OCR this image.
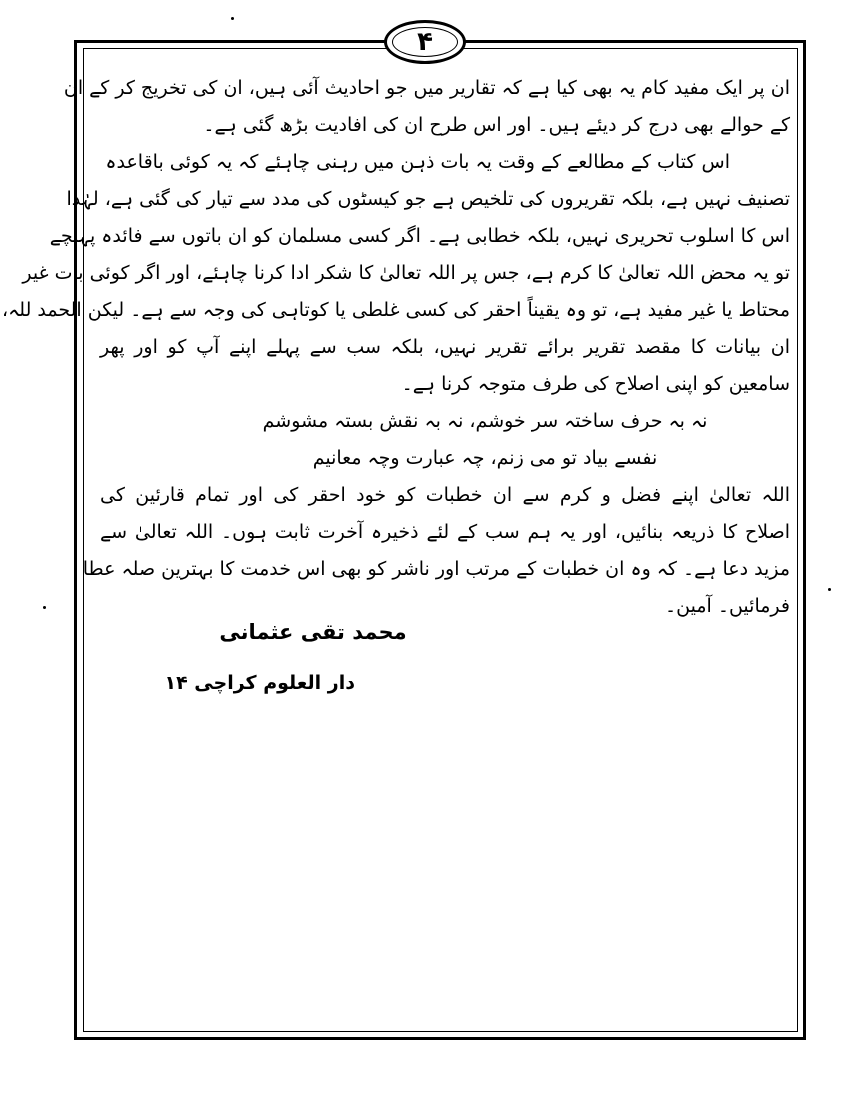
۴
ان پر ایک مفید کام یہ بھی کیا ہے کہ تقاریر میں جو احادیث آئی ہیں، ان کی تخریج کر کے ان
کے حوالے بھی درج کر دیئے ہیں۔ اور اس طرح ان کی افادیت بڑھ گئی ہے۔
اس کتاب کے مطالعے کے وقت یہ بات ذہن میں رہنی چاہئے کہ یہ کوئی باقاعدہ
تصنیف نہیں ہے، بلکہ تقریروں کی تلخیص ہے جو کیسٹوں کی مدد سے تیار کی گئی ہے، لہٰذا
اس کا اسلوب تحریری نہیں، بلکہ خطابی ہے۔ اگر کسی مسلمان کو ان باتوں سے فائدہ پہنچے
تو یہ محض اللہ تعالیٰ کا کرم ہے، جس پر اللہ تعالیٰ کا شکر ادا کرنا چاہئے، اور اگر کوئی بات غیر
محتاط یا غیر مفید ہے، تو وہ یقیناً احقر کی کسی غلطی یا کوتاہی کی وجہ سے ہے۔ لیکن الحمد للہ،
ان بیانات کا مقصد تقریر برائے تقریر نہیں، بلکہ سب سے پہلے اپنے آپ کو اور پھر
سامعین کو اپنی اصلاح کی طرف متوجہ کرنا ہے۔
نہ بہ حرف ساختہ سر خوشم، نہ بہ نقش بستہ مشوشم
نفسے بیاد تو می زنم، چہ عبارت وچہ معانیم
اللہ تعالیٰ اپنے فضل و کرم سے ان خطبات کو خود احقر کی اور تمام قارئین کی
اصلاح کا ذریعہ بنائیں، اور یہ ہم سب کے لئے ذخیرہ آخرت ثابت ہوں۔ اللہ تعالیٰ سے
مزید دعا ہے۔ کہ وہ ان خطبات کے مرتب اور ناشر کو بھی اس خدمت کا بہترین صلہ عطا
فرمائیں۔ آمین۔
محمد تقی عثمانی
دار العلوم کراچی ۱۴
